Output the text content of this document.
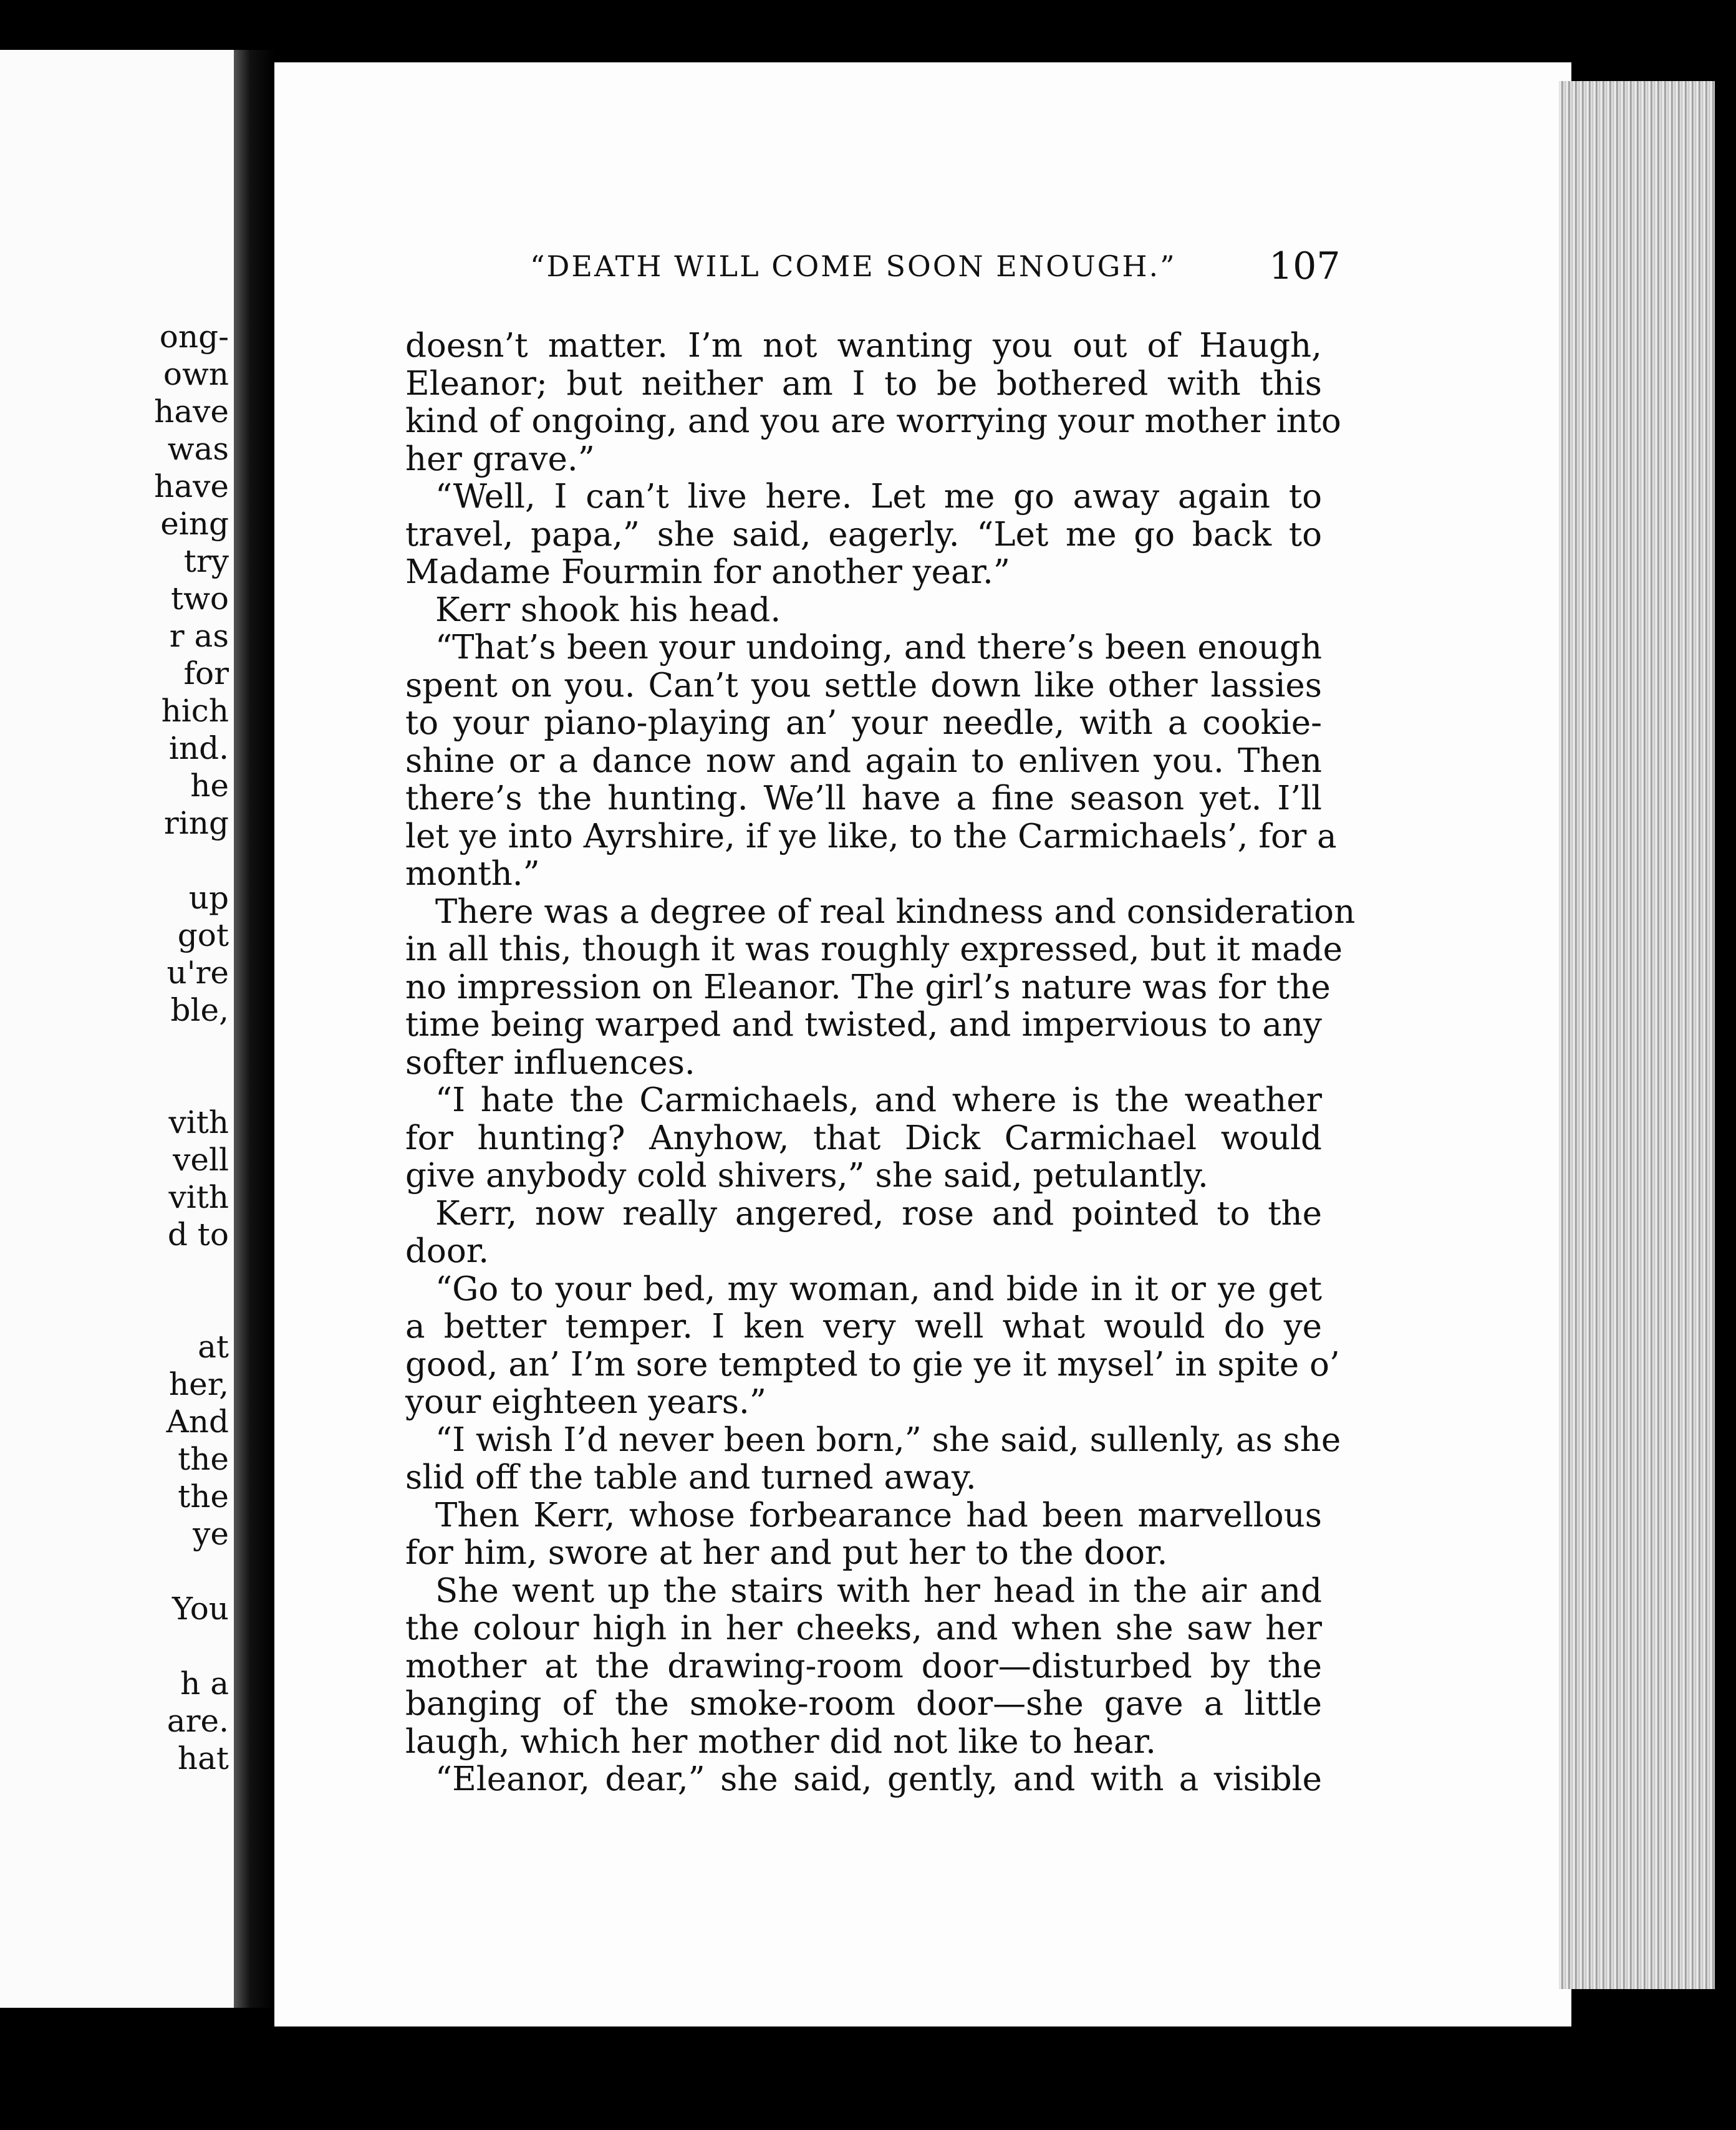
ong-
own
have
was
have
eing
try
two
r as
for
hich
ind.
he
ring
up
got
u're
ble,
vith
vell
vith
d to
at
her,
And
the
the
ye
You
h a
are.
hat
“DEATH WILL COME SOON ENOUGH.”	107
doesn’t matter. I’m not wanting you out of Haugh,
Eleanor; but neither am I to be bothered with this
kind of ongoing, and you are worrying your mother into
her grave.”
“Well, I can’t live here. Let me go away again to
travel, papa,” she said, eagerly. “Let me go back to
Madame Fourmin for another year.”
Kerr shook his head.
“That’s been your undoing, and there’s been enough
spent on you. Can’t you settle down like other lassies
to your piano-playing an’ your needle, with a cookie-
shine or a dance now and again to enliven you. Then
there’s the hunting. We’ll have a fine season yet. I’ll
let ye into Ayrshire, if ye like, to the Carmichaels’, for a
month.”
There was a degree of real kindness and consideration
in all this, though it was roughly expressed, but it made
no impression on Eleanor. The girl’s nature was for the
time being warped and twisted, and impervious to any
softer influences.
“I hate the Carmichaels, and where is the weather
for hunting? Anyhow, that Dick Carmichael would
give anybody cold shivers,” she said, petulantly.
Kerr, now really angered, rose and pointed to the
door.
“Go to your bed, my woman, and bide in it or ye get
a better temper. I ken very well what would do ye
good, an’ I’m sore tempted to gie ye it mysel’ in spite o’
your eighteen years.”
“I wish I’d never been born,” she said, sullenly, as she
slid off the table and turned away.
Then Kerr, whose forbearance had been marvellous
for him, swore at her and put her to the door.
She went up the stairs with her head in the air and
the colour high in her cheeks, and when she saw her
mother at the drawing-room door—disturbed by the
banging of the smoke-room door—she gave a little
laugh, which her mother did not like to hear.
“Eleanor, dear,” she said, gently, and with a visible
